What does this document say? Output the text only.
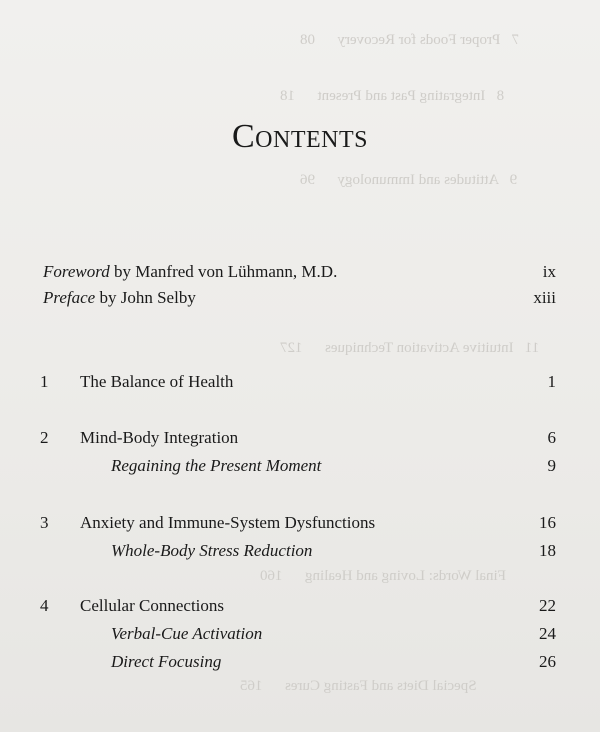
7   Proper Foods for Recovery      08
8   Integrating Past and Present      18
9   Attitudes and Immunology      96
11   Intuitive Activation Techniques      127
Final Words: Loving and Healing      160
Special Diets and Fasting Cures      165
Contents
Foreword by Manfred von Lühmann, M.D.	ix
Preface by John Selby	xiii
1 The Balance of Health	1
2 Mind-Body Integration	6
Regaining the Present Moment	9
3 Anxiety and Immune-System Dysfunctions	16
Whole-Body Stress Reduction	18
4 Cellular Connections	22
Verbal-Cue Activation	24
Direct Focusing	26
